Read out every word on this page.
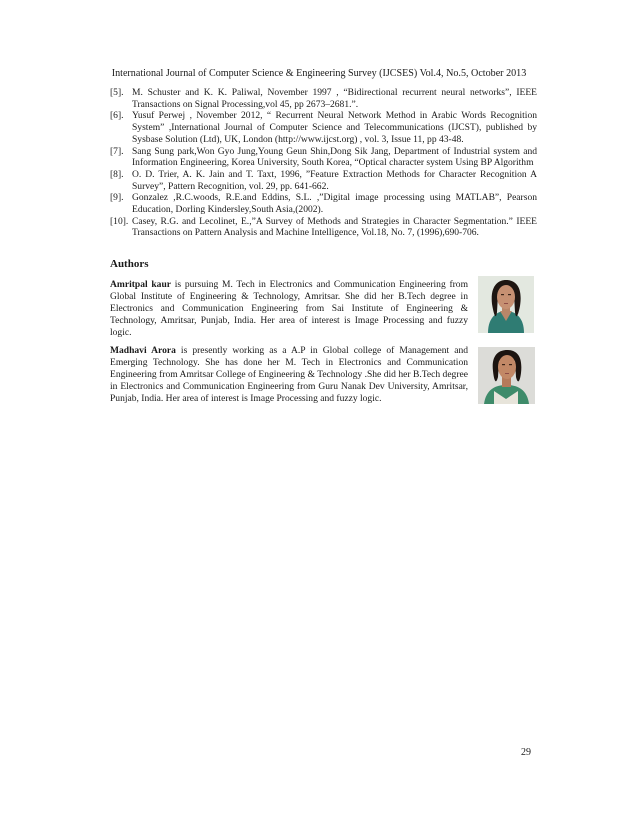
International Journal of Computer Science & Engineering Survey (IJCSES) Vol.4, No.5, October 2013
[5]. M. Schuster and K. K. Paliwal, November 1997 , “Bidirectional recurrent neural networks”, IEEE Transactions on Signal Processing,vol 45, pp 2673–2681.”.
[6]. Yusuf Perwej , November 2012, “ Recurrent Neural Network Method in Arabic Words Recognition System” ,International Journal of Computer Science and Telecommunications (IJCST), published by Sysbase Solution (Ltd), UK, London (http://www.ijcst.org) , vol. 3, Issue 11, pp 43-48.
[7]. Sang Sung park,Won Gyo Jung,Young Geun Shin,Dong Sik Jang, Department of Industrial system and Information Engineering, Korea University, South Korea, “Optical character system Using BP Algorithm
[8]. O. D. Trier, A. K. Jain and T. Taxt, 1996, ”Feature Extraction Methods for Character Recognition A Survey”, Pattern Recognition, vol. 29, pp. 641-662.
[9]. Gonzalez ,R.C.woods, R.E.and Eddins, S.L. ,”Digital image processing using MATLAB”, Pearson Education, Dorling Kindersley,South Asia,(2002).
[10]. Casey, R.G. and Lecolinet, E.,”A Survey of Methods and Strategies in Character Segmentation.” IEEE Transactions on Pattern Analysis and Machine Intelligence, Vol.18, No. 7, (1996),690-706.
Authors
Amritpal kaur is pursuing M. Tech in Electronics and Communication Engineering from Global Institute of Engineering & Technology, Amritsar. She did her B.Tech degree in Electronics and Communication Engineering from Sai Institute of Engineering & Technology, Amritsar, Punjab, India. Her area of interest is Image Processing and fuzzy logic.
Madhavi Arora is presently working as a A.P in Global college of Management and Emerging Technology. She has done her M. Tech in Electronics and Communication Engineering from Amritsar College of Engineering & Technology .She did her B.Tech degree in Electronics and Communication Engineering from Guru Nanak Dev University, Amritsar, Punjab, India. Her area of interest is Image Processing and fuzzy logic.
29
